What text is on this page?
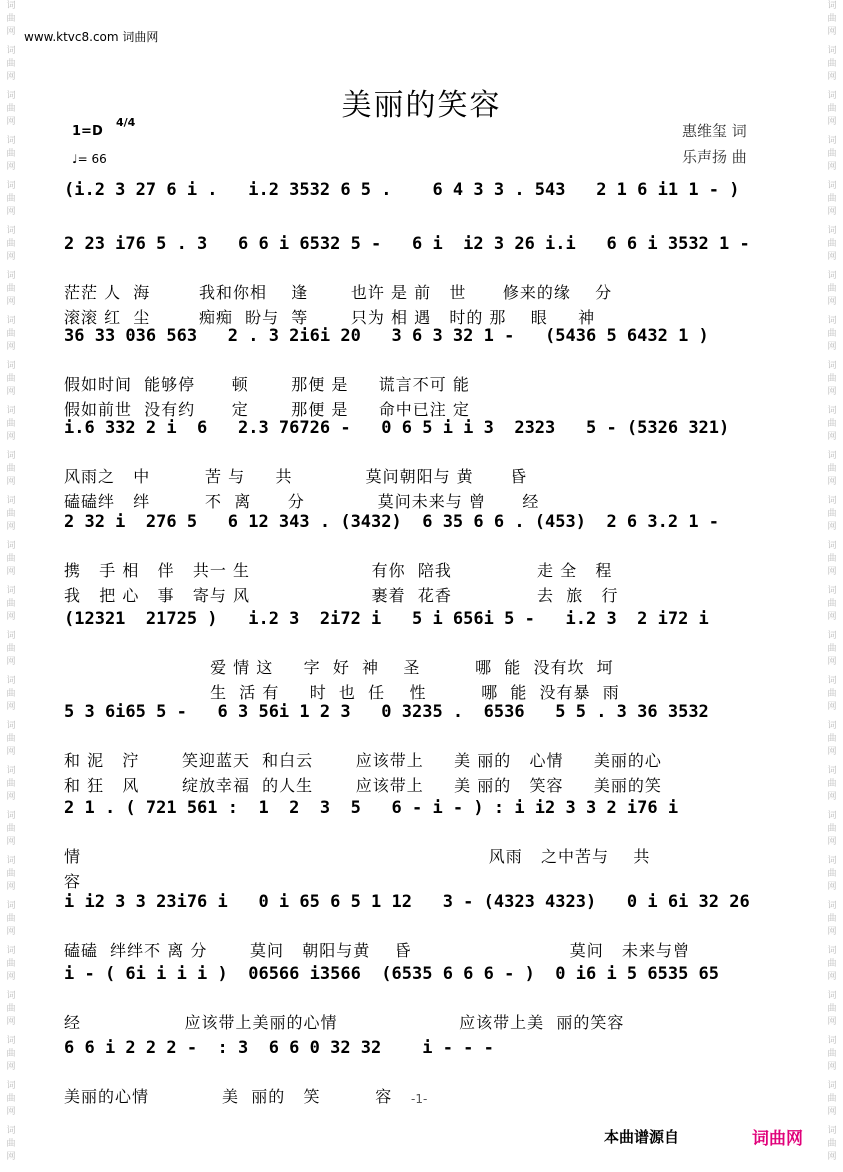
词
曲
网
词
曲
网
词
曲
网
词
曲
网
词
曲
网
词
曲
网
词
曲
网
词
曲
网
词
曲
网
词
曲
网
词
曲
网
词
曲
网
词
曲
网
词
曲
网
词
曲
网
词
曲
网
词
曲
网
词
曲
网
词
曲
网
词
曲
网
词
曲
网
词
曲
网
词
曲
网
词
曲
网
词
曲
网
词
曲
网
词
曲
网
词
曲
网
词
曲
网
词
曲
网
词
曲
网
词
曲
网
词
曲
网
词
曲
网
词
曲
网
词
曲
网
词
曲
网
词
曲
网
词
曲
网
词
曲
网
词
曲
网
词
曲
网
词
曲
网
词
曲
网
词
曲
网
词
曲
网
词
曲
网
词
曲
网
词
曲
网
词
曲
网
词
曲
网
词
曲
网
www.ktvc8.com 词曲网
美丽的笑容
1=D
4/4
♩= 66
惠维玺 词
乐声扬 曲
(i.2 3 27 6 i .   i.2 3532 6 5 .    6 4 3 3 . 543   2 1 6 i1 1 - )
2 23 i76 5 . 3   6 6 i 6532 5 -   6 i  i2 3 26 i.i   6 6 i 3532 1 -
茫茫 人  海        我和你相    逢       也许 是 前   世      修来的缘    分
滚滚 红  尘        痴痴  盼与  等       只为 相 遇   时的 那    眼     神
36 33 036 563   2 . 3 2i6i 20   3 6 3 32 1 -   (5436 5 6432 1 )
假如时间  能够停      顿       那便 是     谎言不可 能
假如前世  没有约      定       那便 是     命中已注 定
i.6 332 2 i  6   2.3 76726 -   0 6 5 i i 3  2323   5 - (5326 321)
风雨之   中         苦 与     共            莫问朝阳与 黄      昏
磕磕绊   绊         不  离      分            莫问未来与 曾      经
2 32 i  276 5   6 12 343 . (3432)  6 35 6 6 . (453)  2 6 3.2 1 -
携   手 相   伴   共一 生                    有你  陪我              走 全   程
我   把 心   事   寄与 风                    裹着  花香              去  旅   行
(12321  21725 )   i.2 3  2i72 i   5 i 656i 5 -   i.2 3  2 i72 i
爱 情 这     字  好  神    圣         哪  能  没有坎  坷
生  活 有     时  也  任    性         哪  能  没有暴  雨
5 3 6i65 5 -   6 3 56i 1 2 3   0 3235 .  6536   5 5 . 3 36 3532
和 泥   泞       笑迎蓝天  和白云       应该带上     美 丽的   心情     美丽的心
和 狂   风       绽放幸福  的人生       应该带上     美 丽的   笑容     美丽的笑
2 1 . ( 721 561 :  1  2  3  5   6 - i - ) : i i2 3 3 2 i76 i
情                                                                   风雨   之中苦与    共
容
i i2 3 3 23i76 i   0 i 65 6 5 1 12   3 - (4323 4323)   0 i 6i 32 26
磕磕  绊绊不 离 分       莫问   朝阳与黄    昏                          莫问   未来与曾
i - ( 6i i i i )  06566 i3566  (6535 6 6 6 - )  0 i6 i 5 6535 65
经                 应该带上美丽的心情                    应该带上美  丽的笑容
6 6 i 2 2 2 -  : 3  6 6 0 32 32    i - - -
美丽的心情            美  丽的   笑         容 -1-
本曲谱源自	词曲网
